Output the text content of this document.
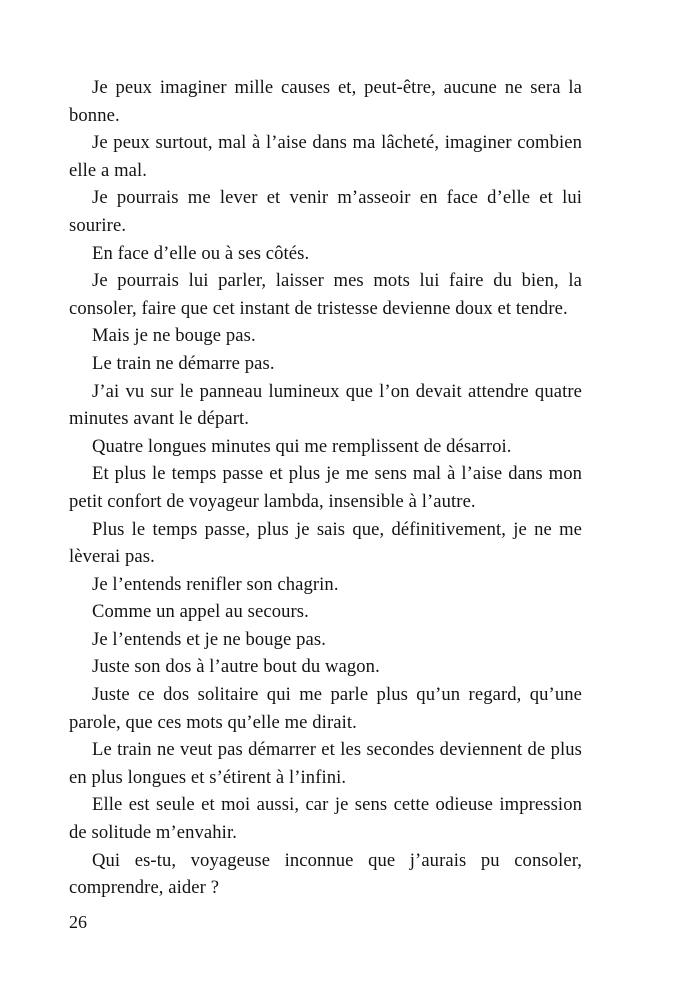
Je peux imaginer mille causes et, peut-être, aucune ne sera la bonne.

Je peux surtout, mal à l’aise dans ma lâcheté, imaginer combien elle a mal.

Je pourrais me lever et venir m’asseoir en face d’elle et lui sourire.

En face d’elle ou à ses côtés.

Je pourrais lui parler, laisser mes mots lui faire du bien, la consoler, faire que cet instant de tristesse devienne doux et tendre.

Mais je ne bouge pas.

Le train ne démarre pas.

J’ai vu sur le panneau lumineux que l’on devait attendre quatre minutes avant le départ.

Quatre longues minutes qui me remplissent de désarroi.

Et plus le temps passe et plus je me sens mal à l’aise dans mon petit confort de voyageur lambda, insensible à l’autre.

Plus le temps passe, plus je sais que, définitivement, je ne me lèverai pas.

Je l’entends renifler son chagrin.

Comme un appel au secours.

Je l’entends et je ne bouge pas.

Juste son dos à l’autre bout du wagon.

Juste ce dos solitaire qui me parle plus qu’un regard, qu’une parole, que ces mots qu’elle me dirait.

Le train ne veut pas démarrer et les secondes deviennent de plus en plus longues et s’étirent à l’infini.

Elle est seule et moi aussi, car je sens cette odieuse impression de solitude m’envahir.

Qui es-tu, voyageuse inconnue que j’aurais pu consoler, comprendre, aider ?

26
